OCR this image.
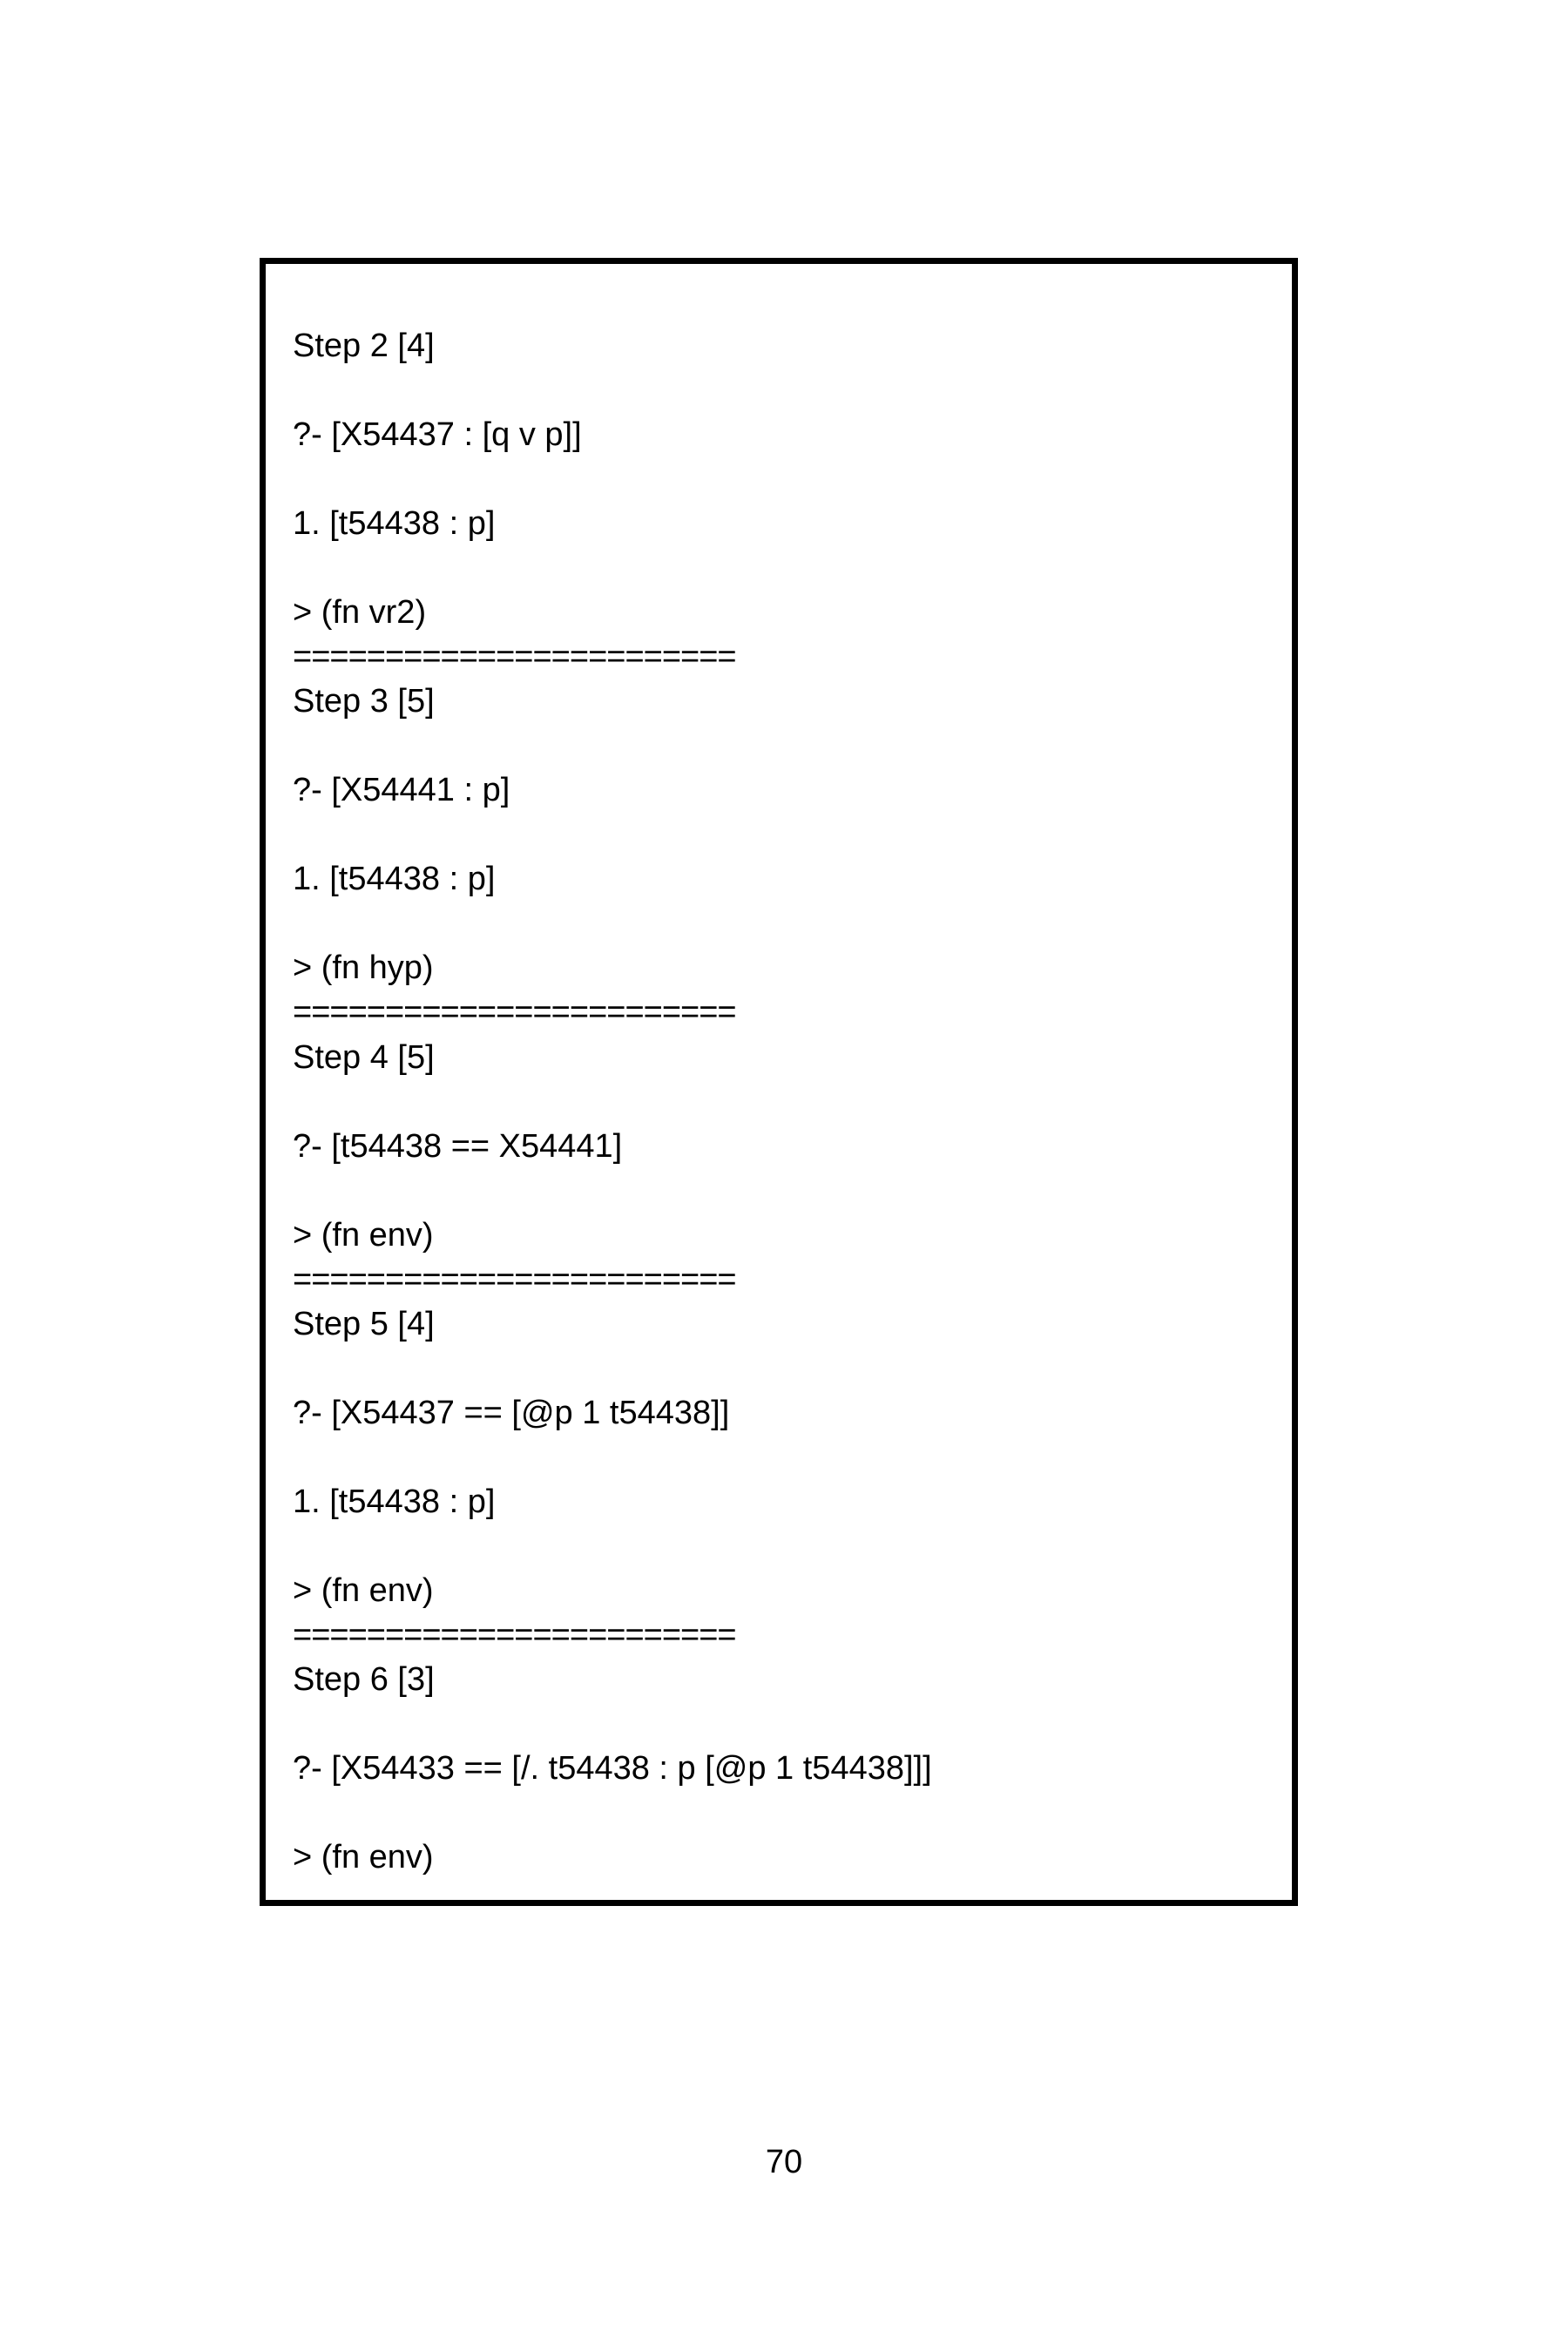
Step 2 [4]
?- [X54437 : [q v p]]
1. [t54438 : p]
> (fn vr2)
========================
Step 3 [5]
?- [X54441 : p]
1. [t54438 : p]
> (fn hyp)
========================
Step 4 [5]
?- [t54438 == X54441]
> (fn env)
========================
Step 5 [4]
?- [X54437 == [@p 1 t54438]]
1. [t54438 : p]
> (fn env)
========================
Step 6 [3]
?- [X54433 == [/. t54438 : p [@p 1 t54438]]]
> (fn env)
70
